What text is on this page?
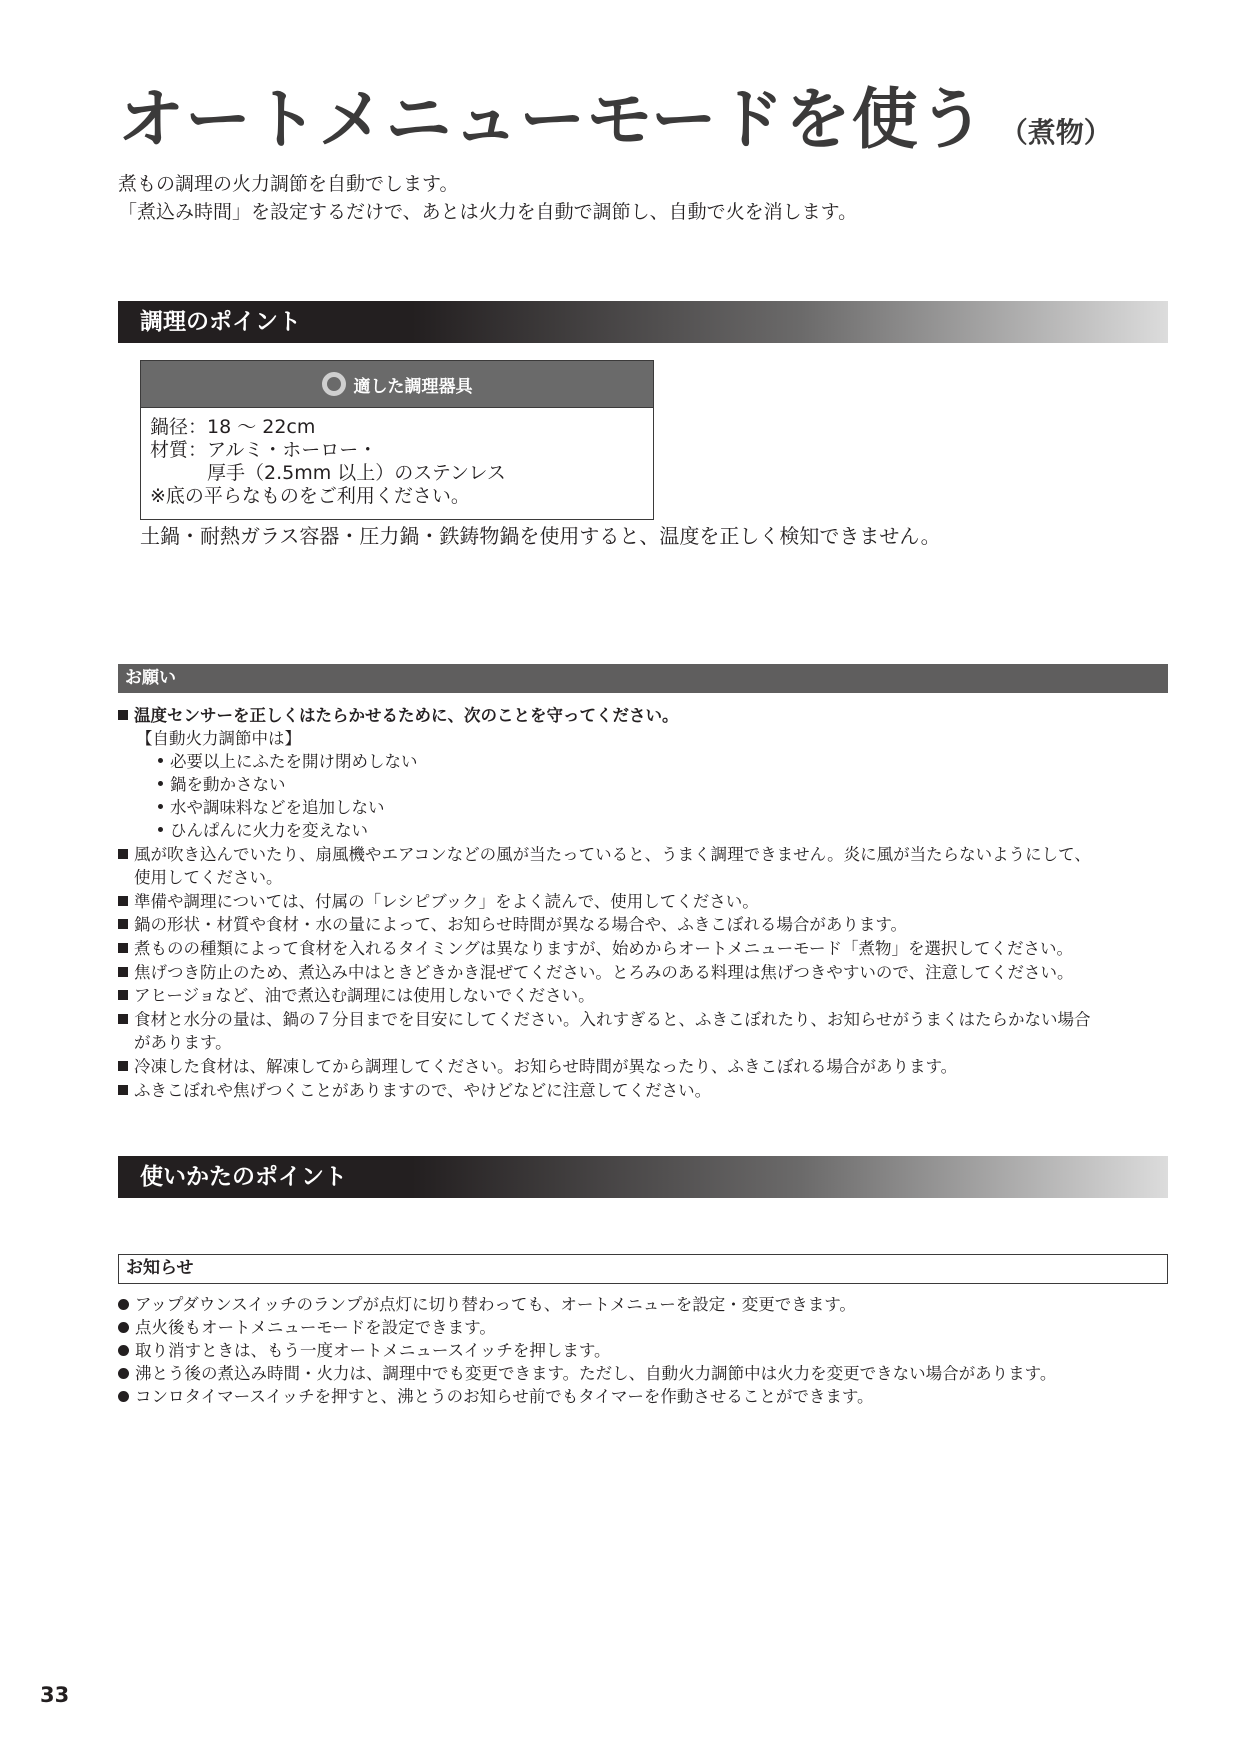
オートメニューモードを使う （煮物）
煮もの調理の火力調節を自動でします。
「煮込み時間」を設定するだけで、あとは火力を自動で調節し、自動で火を消します。
調理のポイント
適した調理器具
鍋径：18 ～ 22cm
材質：アルミ・ホーロー・
厚手（2.5mm 以上）のステンレス
※底の平らなものをご利用ください。
土鍋・耐熱ガラス容器・圧力鍋・鉄鋳物鍋を使用すると、温度を正しく検知できません。
お願い
温度センサーを正しくはたらかせるために、次のことを守ってください。
【自動火力調節中は】
必要以上にふたを開け閉めしない
鍋を動かさない
水や調味料などを追加しない
ひんぱんに火力を変えない
風が吹き込んでいたり、扇風機やエアコンなどの風が当たっていると、うまく調理できません。炎に風が当たらないようにして、
使用してください。
準備や調理については、付属の「レシピブック」をよく読んで、使用してください。
鍋の形状・材質や食材・水の量によって、お知らせ時間が異なる場合や、ふきこぼれる場合があります。
煮ものの種類によって食材を入れるタイミングは異なりますが、始めからオートメニューモード「煮物」を選択してください。
焦げつき防止のため、煮込み中はときどきかき混ぜてください。とろみのある料理は焦げつきやすいので、注意してください。
アヒージョなど、油で煮込む調理には使用しないでください。
食材と水分の量は、鍋の７分目までを目安にしてください。入れすぎると、ふきこぼれたり、お知らせがうまくはたらかない場合
があります。
冷凍した食材は、解凍してから調理してください。お知らせ時間が異なったり、ふきこぼれる場合があります。
ふきこぼれや焦げつくことがありますので、やけどなどに注意してください。
使いかたのポイント
お知らせ
アップダウンスイッチのランプが点灯に切り替わっても、オートメニューを設定・変更できます。
点火後もオートメニューモードを設定できます。
取り消すときは、もう一度オートメニュースイッチを押します。
沸とう後の煮込み時間・火力は、調理中でも変更できます。ただし、自動火力調節中は火力を変更できない場合があります。
コンロタイマースイッチを押すと、沸とうのお知らせ前でもタイマーを作動させることができます。
33
